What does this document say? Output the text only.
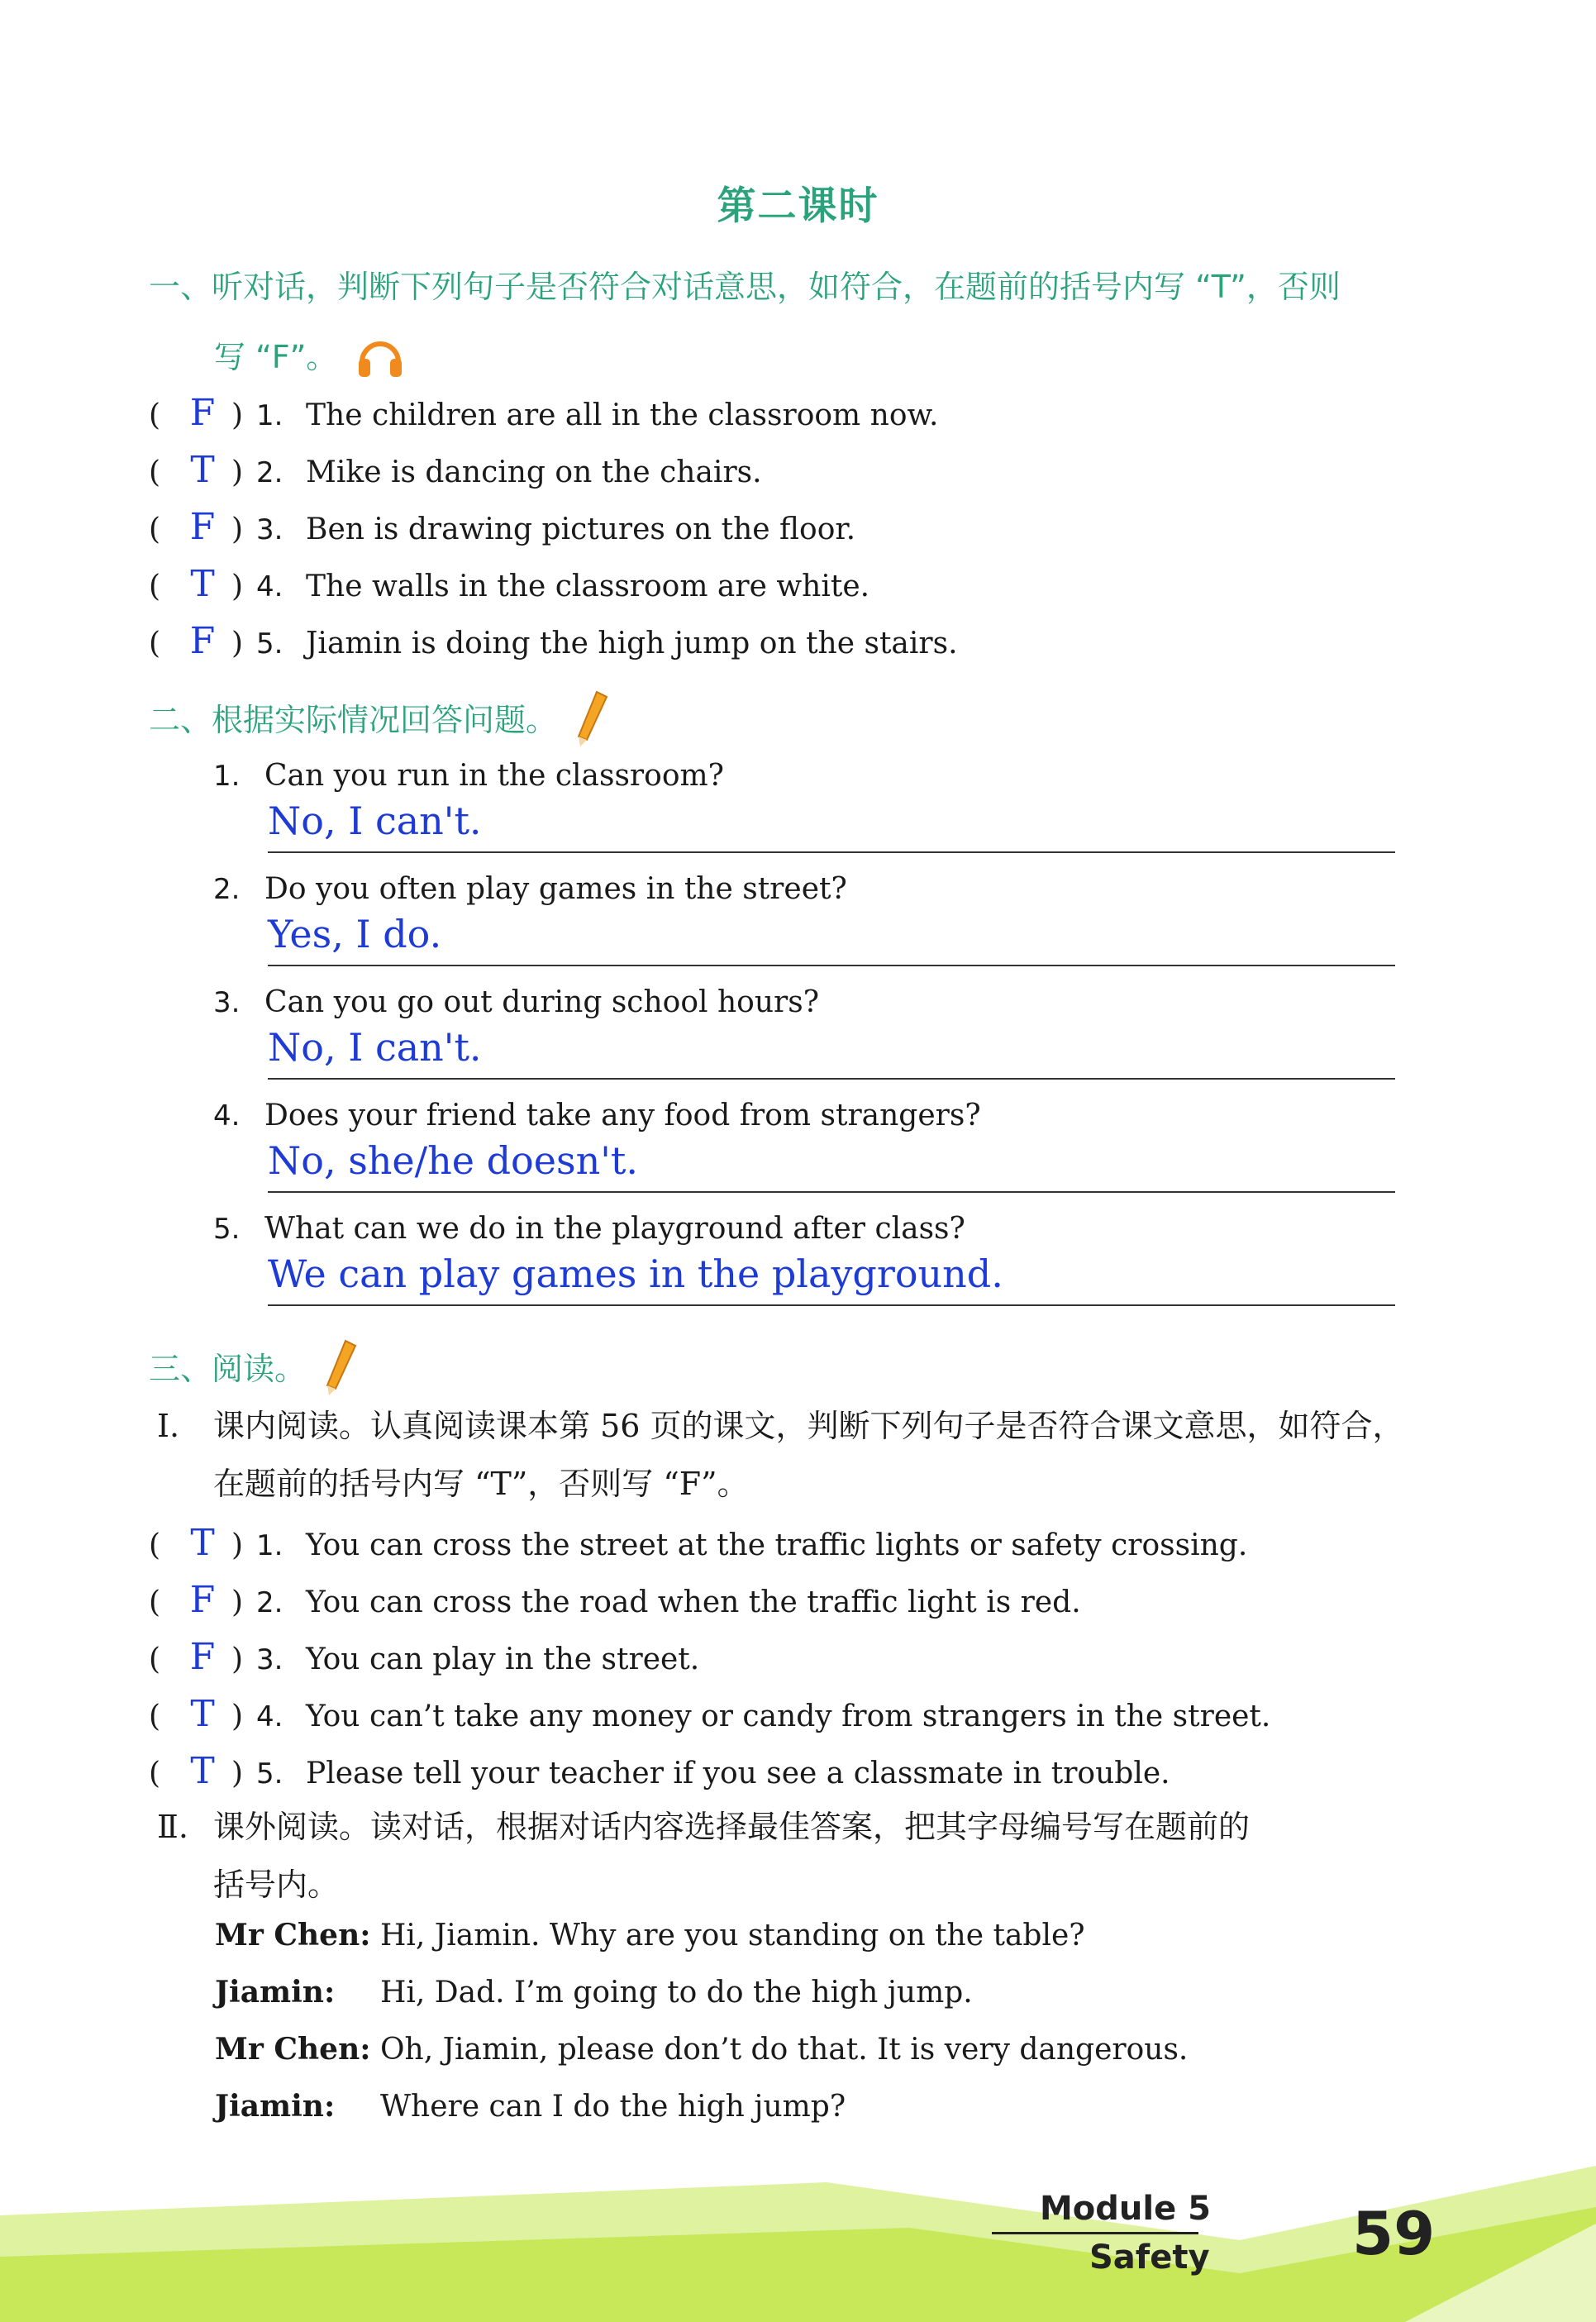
第二课时
一、听对话，判断下列句子是否符合对话意思，如符合，在题前的括号内写 “T”，否则
写 “F”。
( F ) 1. The children are all in the classroom now.
( T ) 2. Mike is dancing on the chairs.
( F ) 3. Ben is drawing pictures on the floor.
( T ) 4. The walls in the classroom are white.
( F ) 5. Jiamin is doing the high jump on the stairs.
二、根据实际情况回答问题。
1. Can you run in the classroom?
No, I can't.
2. Do you often play games in the street?
Yes, I do.
3. Can you go out during school hours?
No, I can't.
4. Does your friend take any food from strangers?
No, she/he doesn't.
5. What can we do in the playground after class?
We can play games in the playground.
三、阅读。
Ⅰ. 课内阅读。认真阅读课本第 56 页的课文，判断下列句子是否符合课文意思，如符合，
在题前的括号内写 “T”，否则写 “F”。
( T ) 1. You can cross the street at the traffic lights or safety crossing.
( F ) 2. You can cross the road when the traffic light is red.
( F ) 3. You can play in the street.
( T ) 4. You can’t take any money or candy from strangers in the street.
( T ) 5. Please tell your teacher if you see a classmate in trouble.
Ⅱ. 课外阅读。读对话，根据对话内容选择最佳答案，把其字母编号写在题前的
括号内。
Mr Chen: Hi, Jiamin. Why are you standing on the table?
Jiamin: Hi, Dad. I’m going to do the high jump.
Mr Chen: Oh, Jiamin, please don’t do that. It is very dangerous.
Jiamin: Where can I do the high jump?
Module 5
Safety 59
